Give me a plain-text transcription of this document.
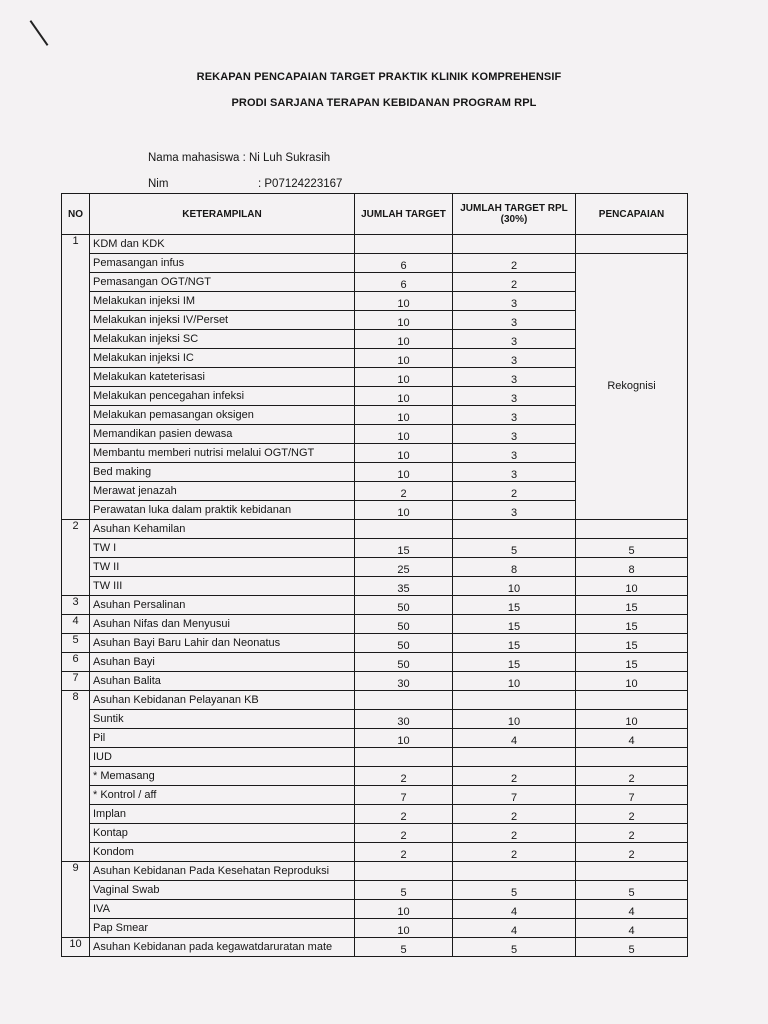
REKAPAN PENCAPAIAN TARGET PRAKTIK KLINIK KOMPREHENSIF
PRODI SARJANA TERAPAN KEBIDANAN PROGRAM RPL
Nama mahasiswa : Ni Luh Sukrasih
Nim	: P07124223167
NO	KETERAMPILAN	JUMLAH TARGET	JUMLAH TARGET RPL (30%)	PENCAPAIAN
1	KDM dan KDK			
	Pemasangan infus	6	2	Rekognisi
	Pemasangan OGT/NGT	6	2	
	Melakukan injeksi IM	10	3	
	Melakukan injeksi IV/Perset	10	3	
	Melakukan injeksi SC	10	3	
	Melakukan injeksi IC	10	3	
	Melakukan kateterisasi	10	3	
	Melakukan pencegahan infeksi	10	3	
	Melakukan pemasangan oksigen	10	3	
	Memandikan pasien dewasa	10	3	
	Membantu memberi nutrisi melalui OGT/NGT	10	3	
	Bed making	10	3	
	Merawat jenazah	2	2	
	Perawatan luka dalam praktik kebidanan	10	3	
2	Asuhan Kehamilan			
	TW I	15	5	5
	TW II	25	8	8
	TW III	35	10	10
3	Asuhan Persalinan	50	15	15
4	Asuhan Nifas dan Menyusui	50	15	15
5	Asuhan Bayi Baru Lahir dan Neonatus	50	15	15
6	Asuhan Bayi	50	15	15
7	Asuhan Balita	30	10	10
8	Asuhan Kebidanan Pelayanan KB			
	Suntik	30	10	10
	Pil	10	4	4
	IUD			
	* Memasang	2	2	2
	* Kontrol / aff	7	7	7
	Implan	2	2	2
	Kontap	2	2	2
	Kondom	2	2	2
9	Asuhan Kebidanan Pada Kesehatan Reproduksi			
	Vaginal Swab	5	5	5
	IVA	10	4	4
	Pap Smear	10	4	4
10	Asuhan Kebidanan pada kegawatdaruratan mate	5	5	5
